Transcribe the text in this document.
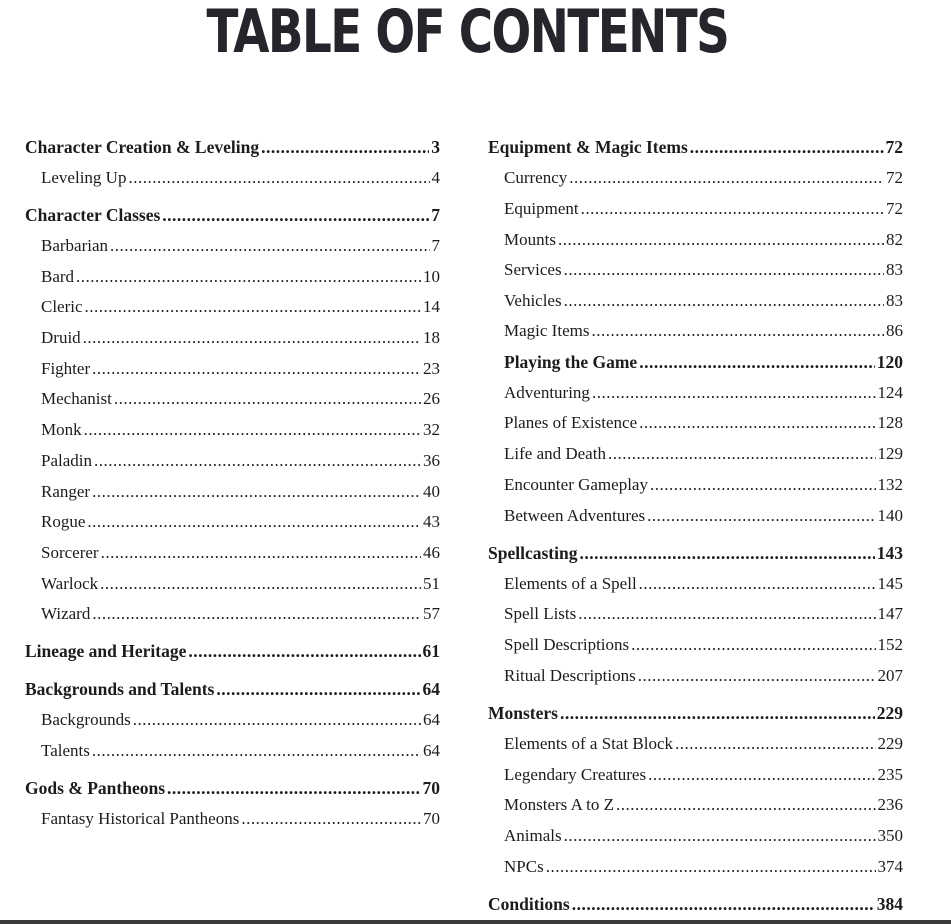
TABLE OF CONTENTS
Character Creation & Leveling .....	3
Leveling Up .....	4
Character Classes .....	7
Barbarian .....	7
Bard .....	10
Cleric .....	14
Druid .....	18
Fighter .....	23
Mechanist .....	26
Monk .....	32
Paladin .....	36
Ranger .....	40
Rogue .....	43
Sorcerer .....	46
Warlock .....	51
Wizard .....	57
Lineage and Heritage .....	61
Backgrounds and Talents .....	64
Backgrounds .....	64
Talents .....	64
Gods & Pantheons .....	70
Fantasy Historical Pantheons .....	70
Equipment & Magic Items .....	72
Currency .....	72
Equipment .....	72
Mounts .....	82
Services .....	83
Vehicles .....	83
Magic Items .....	86
Playing the Game .....	120
Adventuring .....	124
Planes of Existence .....	128
Life and Death .....	129
Encounter Gameplay .....	132
Between Adventures .....	140
Spellcasting .....	143
Elements of a Spell .....	145
Spell Lists .....	147
Spell Descriptions .....	152
Ritual Descriptions .....	207
Monsters .....	229
Elements of a Stat Block .....	229
Legendary Creatures .....	235
Monsters A to Z .....	236
Animals .....	350
NPCs .....	374
Conditions .....	384
